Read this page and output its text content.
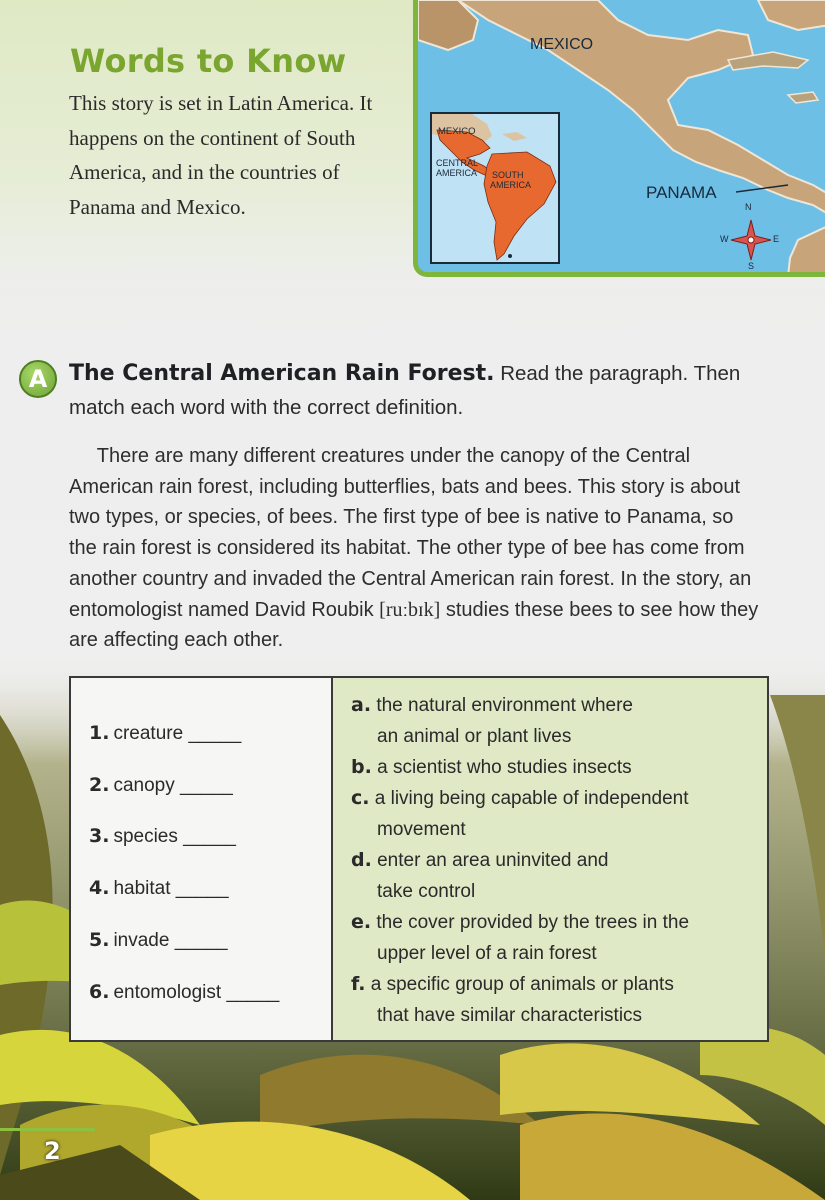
Words to Know

This story is set in Latin America. It happens on the continent of South America, and in the countries of Panama and Mexico.

MEXICO
PANAMA
N
E
S
W
MEXICO
CENTRAL
AMERICA SOUTH
AMERICA
A The Central American Rain Forest. Read the paragraph. Then match each word with the correct definition.

There are many different creatures under the canopy of the Central American rain forest, including butterflies, bats and bees. This story is about two types, or species, of bees. The first type of bee is native to Panama, so the rain forest is considered its habitat. The other type of bee has come from another country and invaded the Central American rain forest. In the story, an entomologist named David Roubik [ruːbɪk] studies these bees to see how they are affecting each other.

1. creature _____
2. canopy _____
3. species _____
4. habitat _____
5. invade _____
6. entomologist _____
a. the natural environment where
an animal or plant lives
b. a scientist who studies insects
c. a living being capable of independent
movement
d. enter an area uninvited and
take control
e. the cover provided by the trees in the
upper level of a rain forest
f. a specific group of animals or plants
that have similar characteristics
2
